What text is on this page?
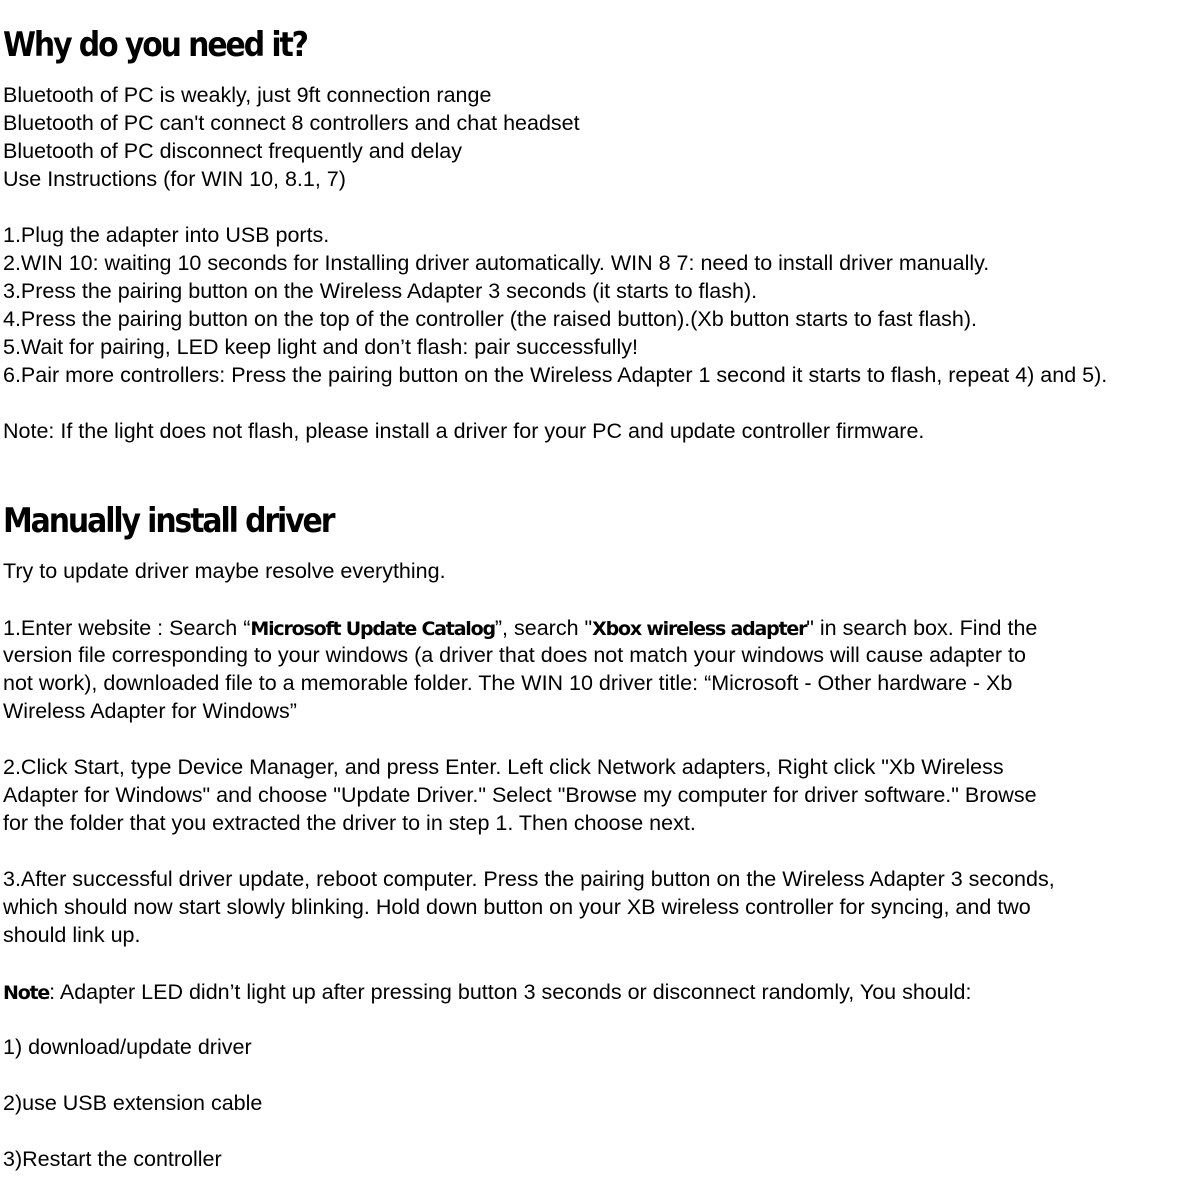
Why do you need it?

Bluetooth of PC is weakly, just 9ft connection range

Bluetooth of PC can't connect 8 controllers and chat headset

Bluetooth of PC disconnect frequently and delay

Use Instructions (for WIN 10, 8.1, 7)

1.Plug the adapter into USB ports.

2.WIN 10: waiting 10 seconds for Installing driver automatically. WIN 8 7: need to install driver manually.

3.Press the pairing button on the Wireless Adapter 3 seconds (it starts to flash).

4.Press the pairing button on the top of the controller (the raised button).(Xb button starts to fast flash).

5.Wait for pairing, LED keep light and don’t flash: pair successfully!

6.Pair more controllers: Press the pairing button on the Wireless Adapter 1 second it starts to flash, repeat 4) and 5).

Note: If the light does not flash, please install a driver for your PC and update controller firmware.

Manually install driver

Try to update driver maybe resolve everything.

1.Enter website : Search “Microsoft Update Catalog”, search "Xbox wireless adapter" in search box. Find the

version file corresponding to your windows (a driver that does not match your windows will cause adapter to

not work), downloaded file to a memorable folder. The WIN 10 driver title: “Microsoft - Other hardware - Xb

Wireless Adapter for Windows”

2.Click Start, type Device Manager, and press Enter. Left click Network adapters, Right click "Xb Wireless

Adapter for Windows" and choose "Update Driver." Select "Browse my computer for driver software." Browse

for the folder that you extracted the driver to in step 1. Then choose next.

3.After successful driver update, reboot computer. Press the pairing button on the Wireless Adapter 3 seconds,

which should now start slowly blinking. Hold down button on your XB wireless controller for syncing, and two

should link up.

Note: Adapter LED didn’t light up after pressing button 3 seconds or disconnect randomly, You should:

1) download/update driver

2)use USB extension cable

3)Restart the controller
